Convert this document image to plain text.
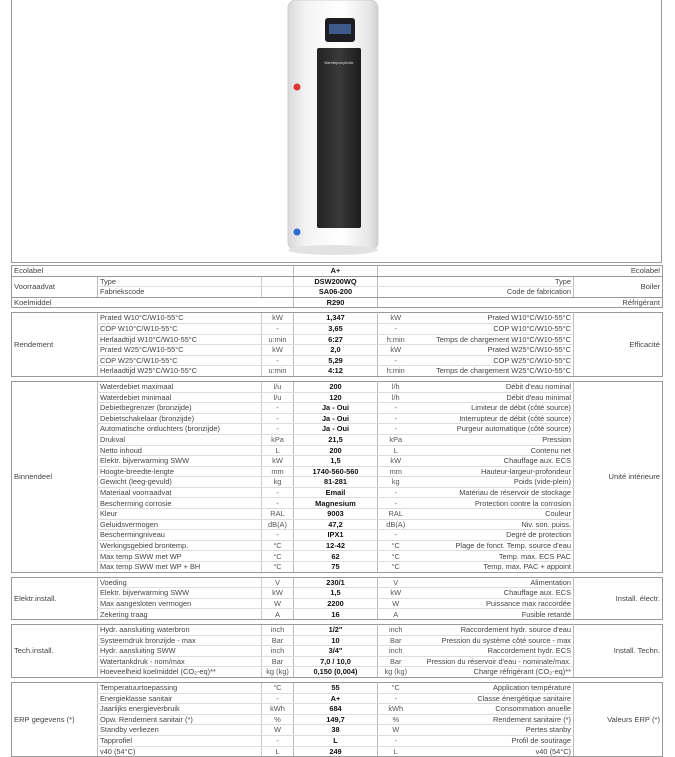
Warmtepompboiler
Ecolabel			A+			Ecolabel
Voorraadvat	Type		DSW200WQ		Type	Boiler
	Fabriekscode		SA06-200		Code de fabrication	
Koelmiddel			R290			Réfrigérant

Rendement	Prated W10°C/W10-55°C	kW	1,347	kW	Prated W10°C/W10-55°C	Efficacité
	COP W10°C/W10-55°C	-	3,65	-	COP W10°C/W10-55°C	
	Herlaadtijd W10°C/W10-55°C	u:min	6:27	h:min	Temps de chargement W10°C/W10-55°C	
	Prated W25°C/W10-55°C	kW	2,0	kW	Prated W25°C/W10-55°C	
	COP W25°C/W10-55°C	-	5,29	-	COP W25°C/W10-55°C	
	Herlaadtijd W25°C/W10-55°C	u:min	4:12	h:min	Temps de chargement W25°C/W10-55°C	

Binnendeel	Waterdebiet maximaal	l/u	200	l/h	Débit d'eau nominal	Unité intérieure
	Waterdebiet minimaal	l/u	120	l/h	Débit d'eau minimal	
	Debietbegrenzer (bronzijde)	-	Ja - Oui	-	Limiteur de débit (côté source)	
	Debietschakelaar (bronzijde)	-	Ja - Oui	-	Interrupteur de débit (côté source)	
	Automatische ontluchters (bronzijde)	-	Ja - Oui	-	Purgeur automatique (côté source)	
	Drukval	kPa	21,5	kPa	Pression	
	Netto inhoud	L	200	L	Contenu net	
	Elektr. bijverwarming SWW	kW	1,5	kW	Chauffage aux. ECS	
	Hoogte-breedte-lengte	mm	1740-560-560	mm	Hauteur-largeur-profondeur	
	Gewicht (leeg-gevuld)	kg	81-281	kg	Poids (vide-plein)	
	Materiaal voorraadvat	-	Email	-	Matériau de réservoir de stockage	
	Bescherming corrosie	-	Magnesium	-	Protection contre la corrosion	
	Kleur	RAL	9003	RAL	Couleur	
	Geluidsvermogen	dB(A)	47,2	dB(A)	Niv. son. puiss.	
	Beschermingniveau	-	IPX1	-	Degré de protection	
	Werkingsgebied brontemp.	°C	12-42	°C	Plage de fonct. Temp. source d'eau	
	Max temp SWW met WP	°C	62	°C	Temp. max. ECS PAC	
	Max temp SWW met WP + BH	°C	75	°C	Temp. max. PAC + appoint	

Elektr.install.	Voeding	V	230/1	V	Alimentation	Install. électr.
	Elektr. bijverwarming SWW	kW	1,5	kW	Chauffage aux. ECS	
	Max aangesloten vermogen	W	2200	W	Puissance max raccordée	
	Zekering traag	A	16	A	Fusible retardé	

Tech.install.	Hydr. aansluiting waterbron	inch	1/2"	inch	Raccordement hydr. source d'eau	Install. Techn.
	Systeemdruk bronzijde - max	Bar	10	Bar	Pression du système côté source - max	
	Hydr. aansluiting SWW	inch	3/4"	inch	Raccordement hydr. ECS	
	Watertankdruk - nom/max	Bar	7,0 / 10,0	Bar	Pression du réservoir d'eau - nominale/max.	
	Hoeveelheid koelmiddel (CO₂-eq)**	kg (kg)	0,150 (0,004)	kg (kg)	Charge réfrigérant (CO₂-eq)**	

ERP gegevens (*)	Temperatuurtoepassing	°C	55	°C	Application température	Valeurs ERP (*)
	Energieklasse sanitair	-	A+	-	Classe énergétique sanitaire	
	Jaarlijks energieverbruik	kWh	684	kWh	Consommation anuelle	
	Opw. Rendement sanitair (*)	%	149,7	%	Rendement sanitaire (*)	
	Standby verliezen	W	38	W	Pertes stanby	
	Tapprofiel	-	L	-	Profil de soutirage	
	v40 (54°C)	L	249	L	v40 (54°C)	
